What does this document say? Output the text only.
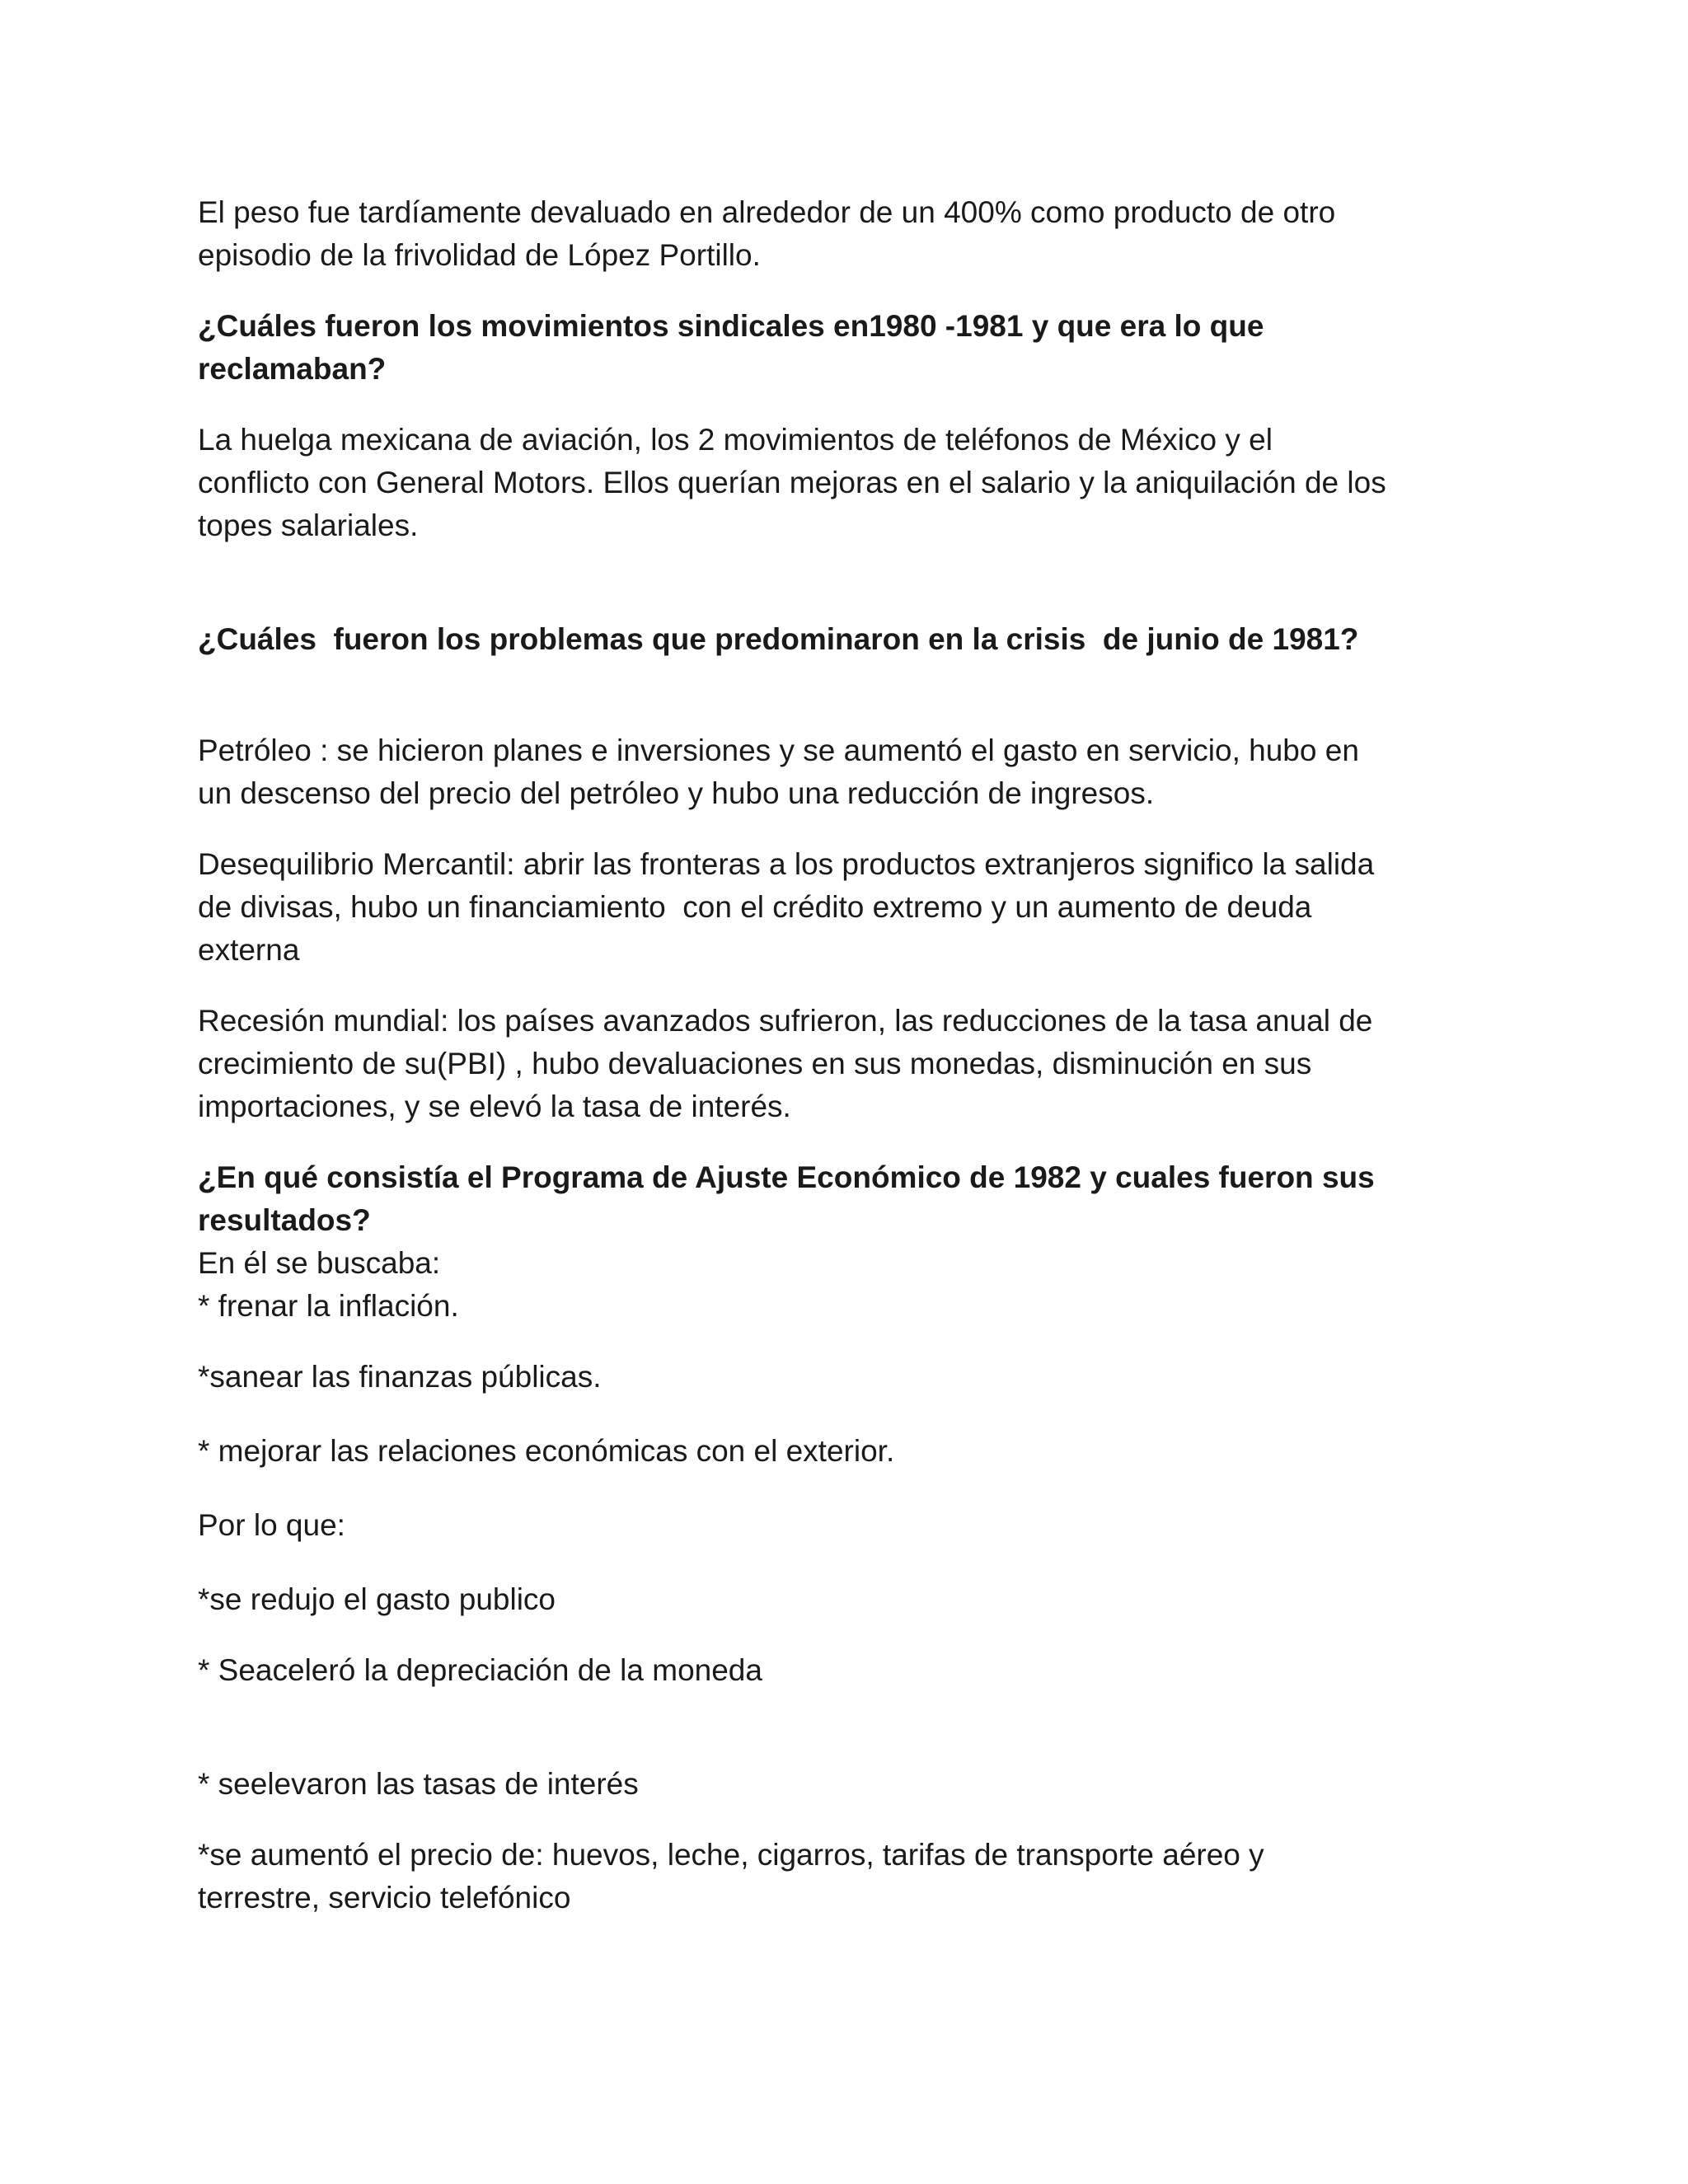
El peso fue tardíamente devaluado en alrededor de un 400% como producto de otro
episodio de la frivolidad de López Portillo.

¿Cuáles fueron los movimientos sindicales en1980 -1981 y que era lo que
reclamaban?

La huelga mexicana de aviación, los 2 movimientos de teléfonos de México y el
conflicto con General Motors. Ellos querían mejoras en el salario y la aniquilación de los
topes salariales.

¿Cuáles  fueron los problemas que predominaron en la crisis  de junio de 1981?

Petróleo : se hicieron planes e inversiones y se aumentó el gasto en servicio, hubo en
un descenso del precio del petróleo y hubo una reducción de ingresos.

Desequilibrio Mercantil: abrir las fronteras a los productos extranjeros significo la salida
de divisas, hubo un financiamiento  con el crédito extremo y un aumento de deuda
externa

Recesión mundial: los países avanzados sufrieron, las reducciones de la tasa anual de
crecimiento de su(PBI) , hubo devaluaciones en sus monedas, disminución en sus
importaciones, y se elevó la tasa de interés.

¿En qué consistía el Programa de Ajuste Económico de 1982 y cuales fueron sus
resultados?

En él se buscaba:
* frenar la inflación.

*sanear las finanzas públicas.

* mejorar las relaciones económicas con el exterior.

Por lo que:

*se redujo el gasto publico

* Seaceleró la depreciación de la moneda

* seelevaron las tasas de interés

*se aumentó el precio de: huevos, leche, cigarros, tarifas de transporte aéreo y
terrestre, servicio telefónico
